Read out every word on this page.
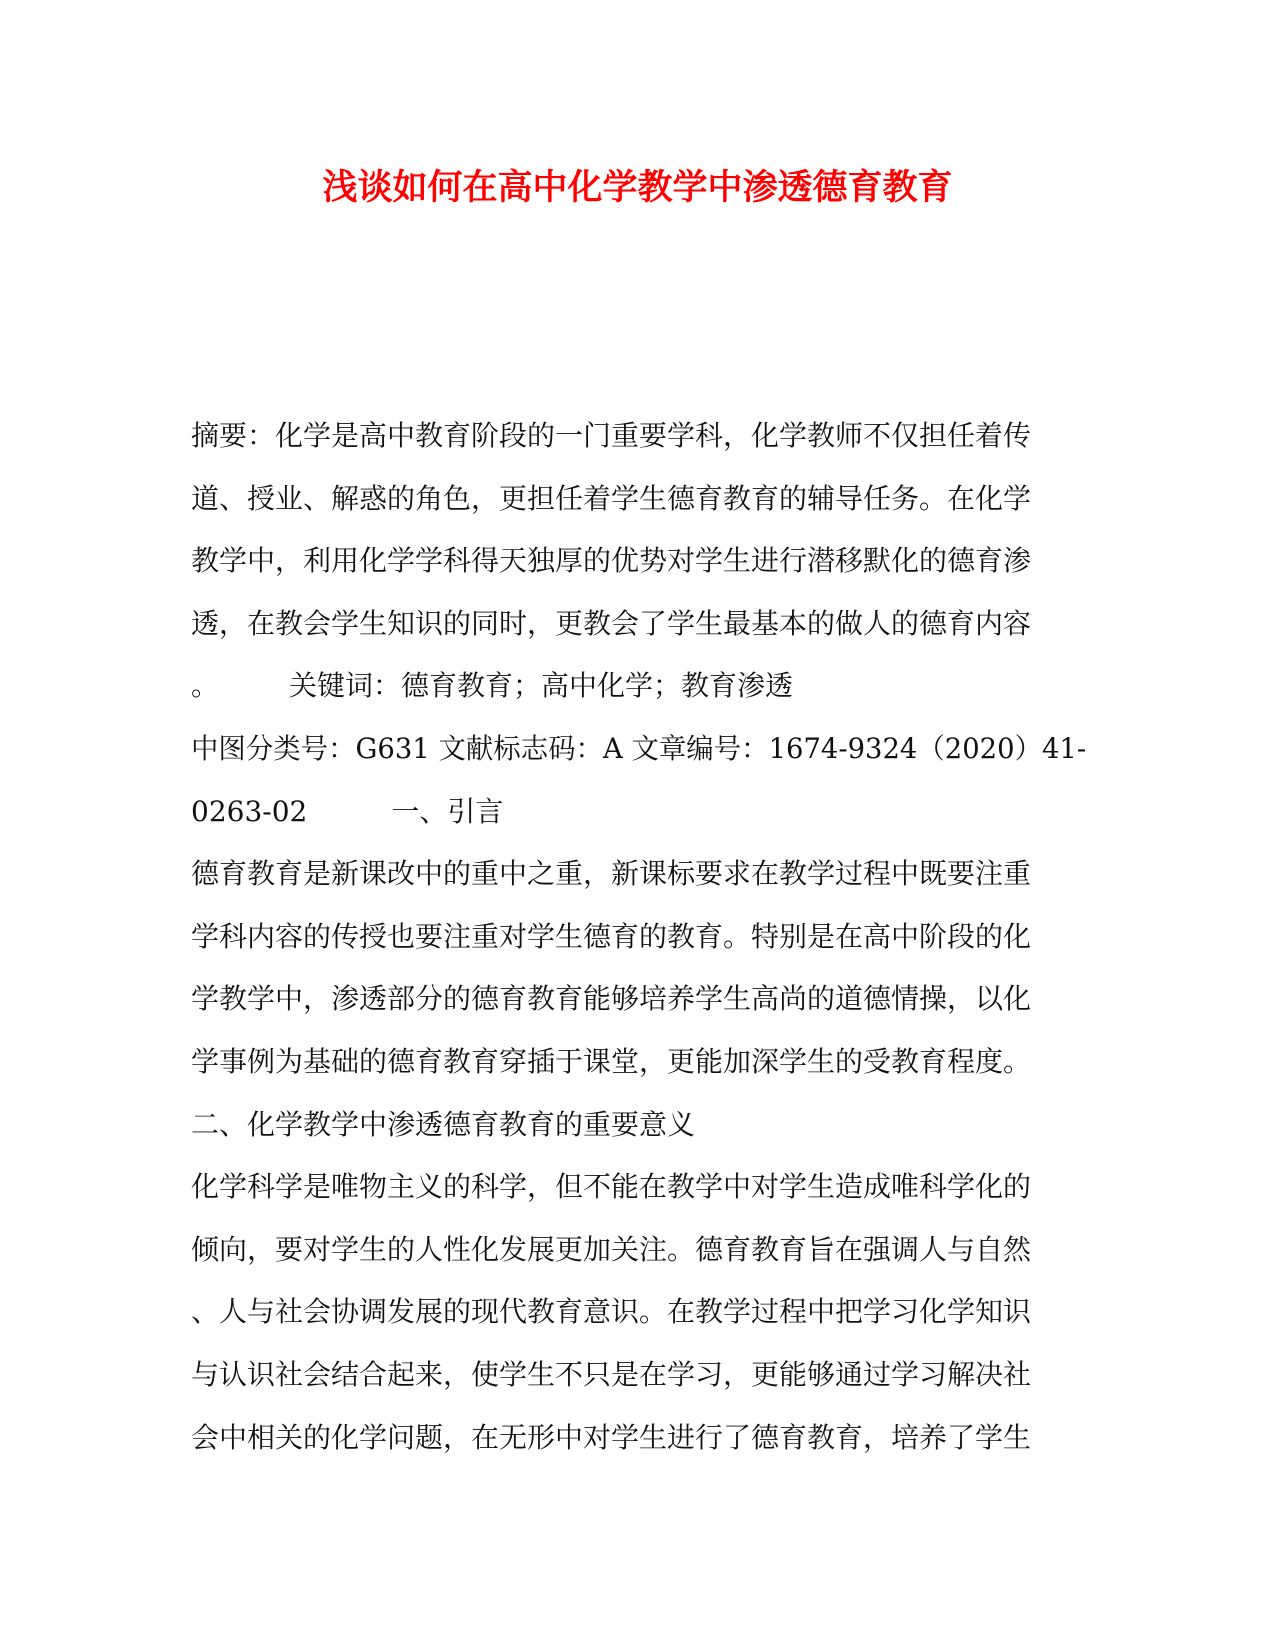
浅谈如何在高中化学教学中渗透德育教育
摘要：化学是高中教育阶段的一门重要学科，化学教师不仅担任着传
道、授业、解惑的角色，更担任着学生德育教育的辅导任务。在化学
教学中，利用化学学科得天独厚的优势对学生进行潜移默化的德育渗
透，在教会学生知识的同时，更教会了学生最基本的做人的德育内容
。　　　关键词：德育教育；高中化学；教育渗透
中图分类号：G631 文献标志码：A 文章编号：1674-9324（2020）41-
0263-02　　　一、引言
德育教育是新课改中的重中之重，新课标要求在教学过程中既要注重
学科内容的传授也要注重对学生德育的教育。特别是在高中阶段的化
学教学中，渗透部分的德育教育能够培养学生高尚的道德情操，以化
学事例为基础的德育教育穿插于课堂，更能加深学生的受教育程度。
二、化学教学中渗透德育教育的重要意义
化学科学是唯物主义的科学，但不能在教学中对学生造成唯科学化的
倾向，要对学生的人性化发展更加关注。德育教育旨在强调人与自然
、人与社会协调发展的现代教育意识。在教学过程中把学习化学知识
与认识社会结合起来，使学生不只是在学习，更能够通过学习解决社
会中相关的化学问题，在无形中对学生进行了德育教育，培养了学生
